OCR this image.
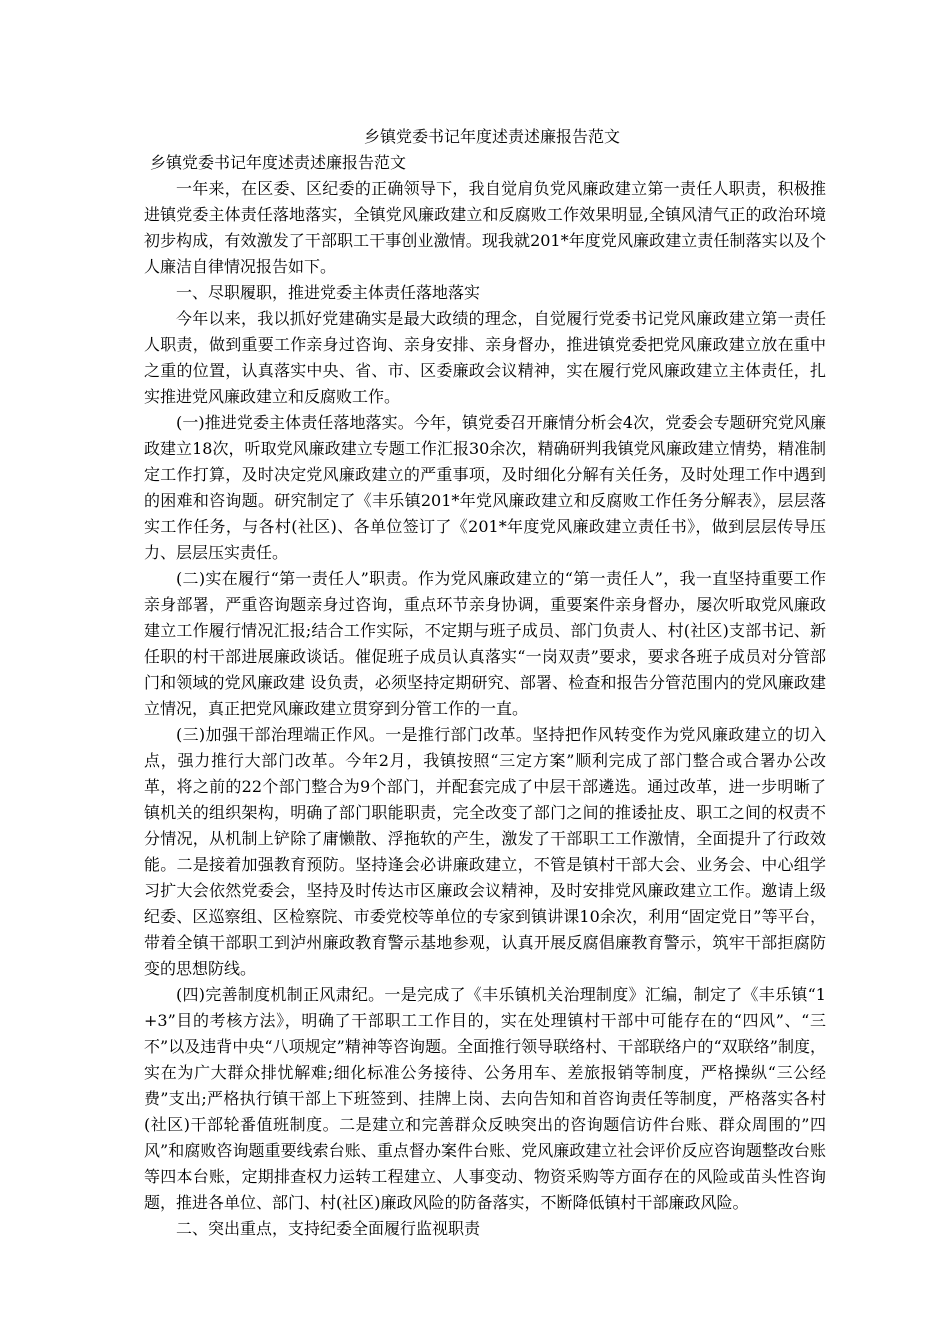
乡镇党委书记年度述责述廉报告范文

乡镇党委书记年度述责述廉报告范文

一年来，在区委、区纪委的正确领导下，我自觉肩负党风廉政建立第一责任人职责，积极推进镇党委主体责任落地落实，全镇党风廉政建立和反腐败工作效果明显,全镇风清气正的政治环境初步构成，有效激发了干部职工干事创业激情。现我就201*年度党风廉政建立责任制落实以及个人廉洁自律情况报告如下。

一、尽职履职，推进党委主体责任落地落实

今年以来，我以抓好党建确实是最大政绩的理念，自觉履行党委书记党风廉政建立第一责任人职责，做到重要工作亲身过咨询、亲身安排、亲身督办，推进镇党委把党风廉政建立放在重中之重的位置，认真落实中央、省、市、区委廉政会议精神，实在履行党风廉政建立主体责任，扎实推进党风廉政建立和反腐败工作。

(一)推进党委主体责任落地落实。今年，镇党委召开廉情分析会4次，党委会专题研究党风廉政建立18次，听取党风廉政建立专题工作汇报30余次，精确研判我镇党风廉政建立情势，精准制定工作打算，及时决定党风廉政建立的严重事项，及时细化分解有关任务，及时处理工作中遇到的困难和咨询题。研究制定了《丰乐镇201*年党风廉政建立和反腐败工作任务分解表》，层层落实工作任务，与各村(社区)、各单位签订了《201*年度党风廉政建立责任书》，做到层层传导压力、层层压实责任。

(二)实在履行“第一责任人”职责。作为党风廉政建立的“第一责任人”，我一直坚持重要工作亲身部署，严重咨询题亲身过咨询，重点环节亲身协调，重要案件亲身督办，屡次听取党风廉政建立工作履行情况汇报;结合工作实际，不定期与班子成员、部门负责人、村(社区)支部书记、新任职的村干部进展廉政谈话。催促班子成员认真落实“一岗双责”要求，要求各班子成员对分管部门和领域的党风廉政建 设负责，必须坚持定期研究、部署、检查和报告分管范围内的党风廉政建立情况，真正把党风廉政建立贯穿到分管工作的一直。

(三)加强干部治理端正作风。一是推行部门改革。坚持把作风转变作为党风廉政建立的切入点，强力推行大部门改革。今年2月，我镇按照“三定方案”顺利完成了部门整合或合署办公改革，将之前的22个部门整合为9个部门，并配套完成了中层干部遴选。通过改革，进一步明晰了镇机关的组织架构，明确了部门职能职责，完全改变了部门之间的推诿扯皮、职工之间的权责不分情况，从机制上铲除了庸懒散、浮拖软的产生，激发了干部职工工作激情，全面提升了行政效能。二是接着加强教育预防。坚持逢会必讲廉政建立，不管是镇村干部大会、业务会、中心组学习扩大会依然党委会，坚持及时传达市区廉政会议精神，及时安排党风廉政建立工作。邀请上级纪委、区巡察组、区检察院、市委党校等单位的专家到镇讲课10余次，利用“固定党日”等平台，带着全镇干部职工到泸州廉政教育警示基地参观，认真开展反腐倡廉教育警示，筑牢干部拒腐防变的思想防线。

(四)完善制度机制正风肃纪。一是完成了《丰乐镇机关治理制度》汇编，制定了《丰乐镇“1+3”目的考核方法》，明确了干部职工工作目的，实在处理镇村干部中可能存在的“四风”、“三不”以及违背中央“八项规定”精神等咨询题。全面推行领导联络村、干部联络户的“双联络”制度，实在为广大群众排忧解难;细化标准公务接待、公务用车、差旅报销等制度，严格操纵“三公经费”支出;严格执行镇干部上下班签到、挂牌上岗、去向告知和首咨询责任等制度，严格落实各村(社区)干部轮番值班制度。二是建立和完善群众反映突出的咨询题信访件台账、群众周围的”四风”和腐败咨询题重要线索台账、重点督办案件台账、党风廉政建立社会评价反应咨询题整改台账等四本台账，定期排查权力运转工程建立、人事变动、物资采购等方面存在的风险或苗头性咨询题，推进各单位、部门、村(社区)廉政风险的防备落实，不断降低镇村干部廉政风险。

二、突出重点，支持纪委全面履行监视职责
